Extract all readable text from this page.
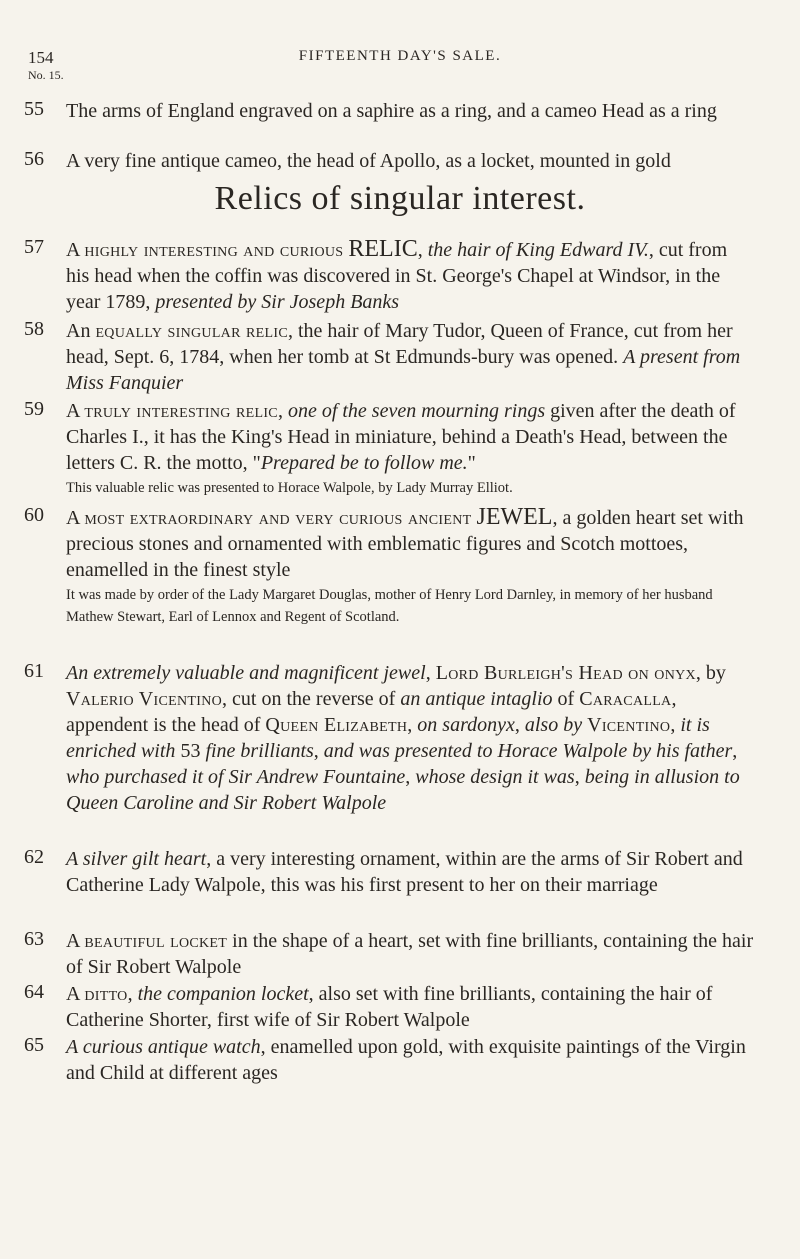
154	FIFTEENTH DAY'S SALE.
No. 15.
55	The arms of England engraved on a saphire as a ring, and a cameo Head as a ring
56	A very fine antique cameo, the head of Apollo, as a locket, mounted in gold
Relics of singular interest.
57	A highly interesting and curious RELIC, the hair of King Edward IV., cut from his head when the coffin was discovered in St. George's Chapel at Windsor, in the year 1789, presented by Sir Joseph Banks
58	An equally singular relic, the hair of Mary Tudor, Queen of France, cut from her head, Sept. 6, 1784, when her tomb at St Edmunds-bury was opened. A present from Miss Fanquier
59	A truly interesting relic, one of the seven mourning rings given after the death of Charles I., it has the King's Head in miniature, behind a Death's Head, between the letters C. R. the motto, "Prepared be to follow me."
This valuable relic was presented to Horace Walpole, by Lady Murray Elliot.
60	A most extraordinary and very curious ancient JEWEL, a golden heart set with precious stones and ornamented with emblematic figures and Scotch mottoes, enamelled in the finest style
It was made by order of the Lady Margaret Douglas, mother of Henry Lord Darnley, in memory of her husband Mathew Stewart, Earl of Lennox and Regent of Scotland.
61	An extremely valuable and magnificent jewel, Lord Burleigh's Head on onyx, by Valerio Vicentino, cut on the reverse of an antique intaglio of Caracalla, appendent is the head of Queen Elizabeth, on sardonyx, also by Vicentino, it is enriched with 53 fine brilliants, and was presented to Horace Walpole by his father, who purchased it of Sir Andrew Fountaine, whose design it was, being in allusion to Queen Caroline and Sir Robert Walpole
62	A silver gilt heart, a very interesting ornament, within are the arms of Sir Robert and Catherine Lady Walpole, this was his first present to her on their marriage
63	A beautiful locket in the shape of a heart, set with fine brilliants, containing the hair of Sir Robert Walpole
64	A ditto, the companion locket, also set with fine brilliants, containing the hair of Catherine Shorter, first wife of Sir Robert Walpole
65	A curious antique watch, enamelled upon gold, with exquisite paintings of the Virgin and Child at different ages
